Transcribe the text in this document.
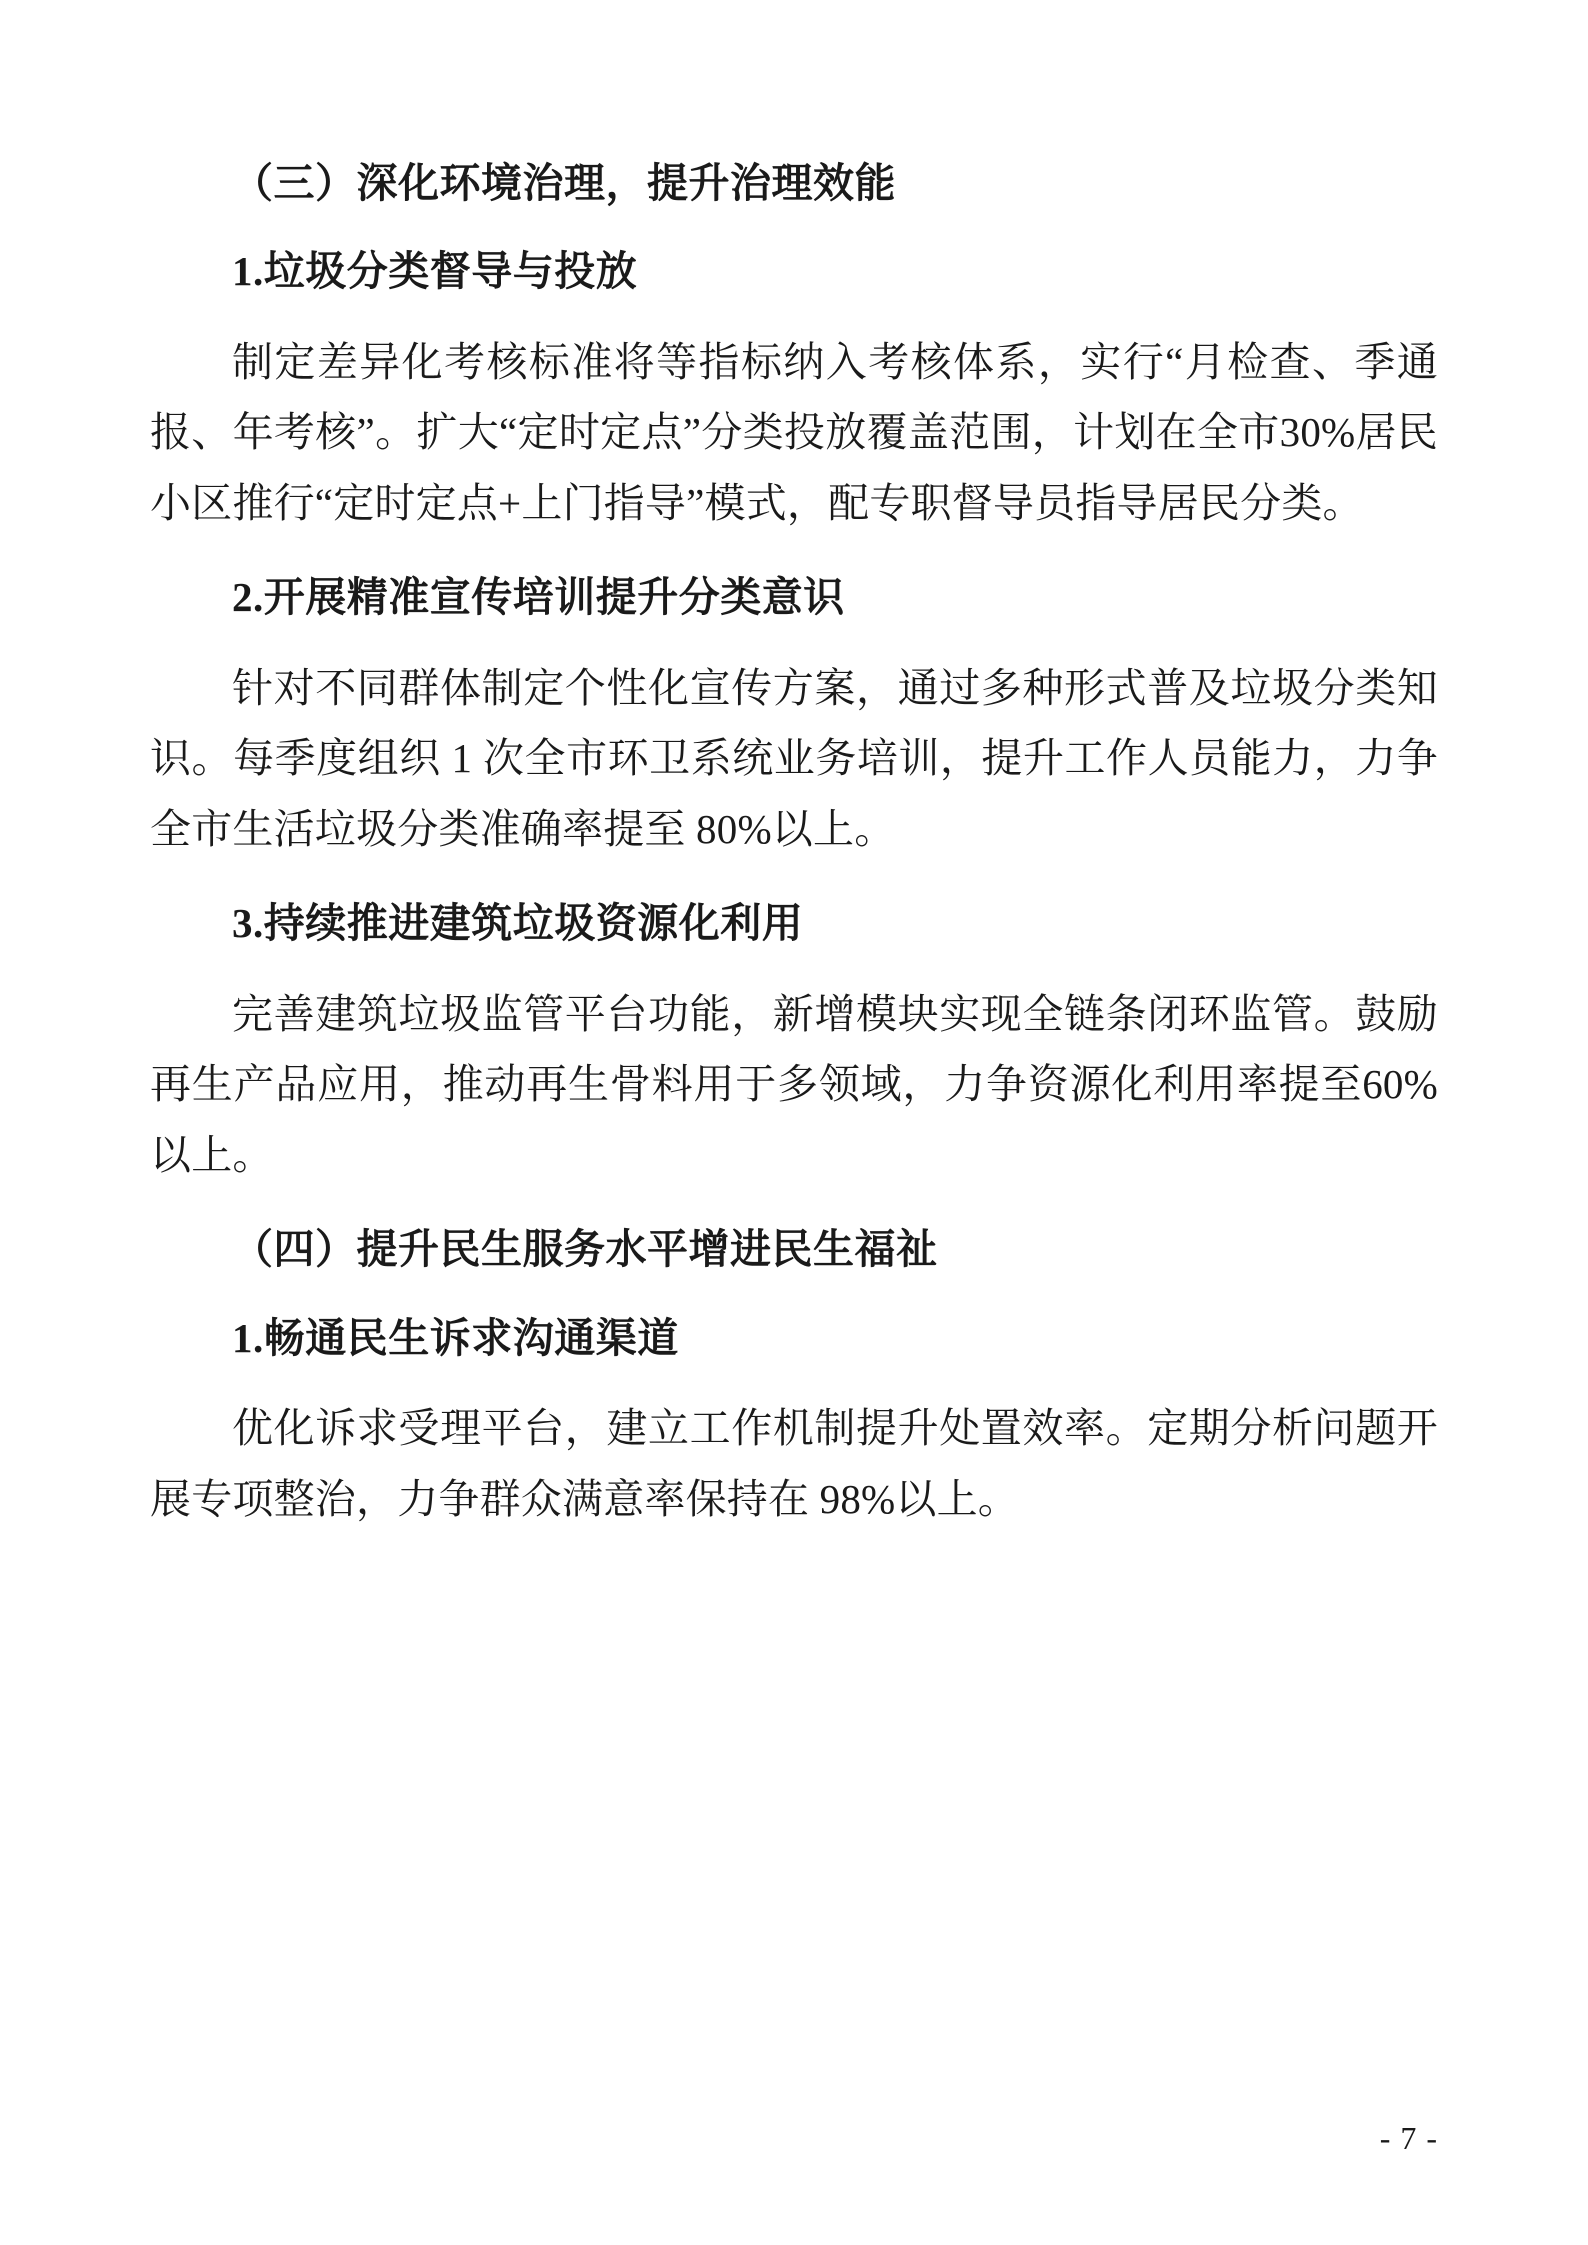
（三）深化环境治理，提升治理效能
1.垃圾分类督导与投放

制定差异化考核标准将等指标纳入考核体系，实行“月检查、季通报、年考核”。扩大“定时定点”分类投放覆盖范围，计划在全市30%居民小区推行“定时定点+上门指导”模式，配专职督导员指导居民分类。

2.开展精准宣传培训提升分类意识

针对不同群体制定个性化宣传方案，通过多种形式普及垃圾分类知识。每季度组织 1 次全市环卫系统业务培训，提升工作人员能力，力争全市生活垃圾分类准确率提至 80%以上。

3.持续推进建筑垃圾资源化利用

完善建筑垃圾监管平台功能，新增模块实现全链条闭环监管。鼓励再生产品应用，推动再生骨料用于多领域，力争资源化利用率提至60%以上。

（四）提升民生服务水平增进民生福祉
1.畅通民生诉求沟通渠道

优化诉求受理平台，建立工作机制提升处置效率。定期分析问题开展专项整治，力争群众满意率保持在 98%以上。

- 7 -
